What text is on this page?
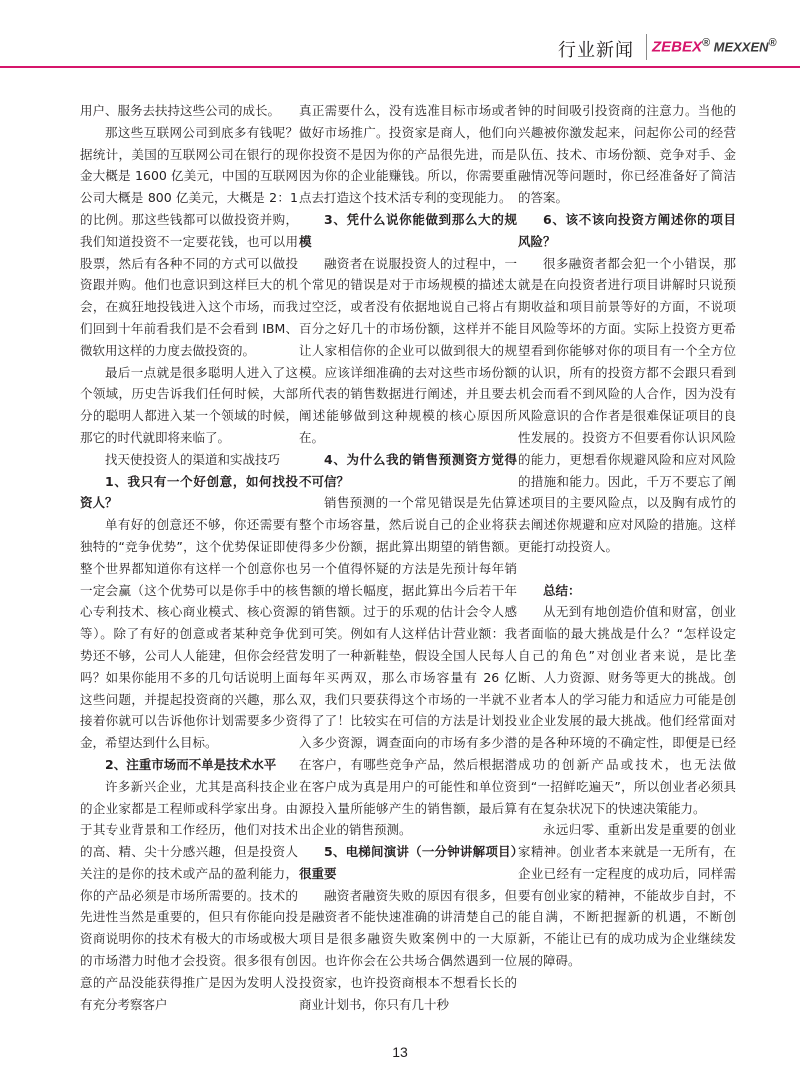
行业新闻 ZEBEX® MEXXEN®

用户、服务去扶持这些公司的成长。

那这些互联网公司到底多有钱呢？据统计，美国的互联网公司在银行的现金大概是 1600 亿美元，中国的互联网公司大概是 800 亿美元，大概是 2：1 的比例。那这些钱都可以做投资并购，我们知道投资不一定要花钱，也可以用股票，然后有各种不同的方式可以做投资跟并购。他们也意识到这样巨大的机会，在疯狂地投钱进入这个市场，而我们回到十年前看我们是不会看到 IBM、微软用这样的力度去做投资的。

最后一点就是很多聪明人进入了这个领域，历史告诉我们任何时候，大部分的聪明人都进入某一个领域的时候，那它的时代就即将来临了。

找天使投资人的渠道和实战技巧

1、我只有一个好创意，如何找投资人？

单有好的创意还不够，你还需要有独特的“竞争优势”，这个优势保证即使整个世界都知道你有这样一个创意你也一定会赢（这个优势可以是你手中的核心专利技术、核心商业模式、核心资源等）。除了有好的创意或者某种竞争优势还不够，公司人人能建，但你会经营吗？如果你能用不多的几句话说明上面这些问题，并提起投资商的兴趣，那么接着你就可以告诉他你计划需要多少资金，希望达到什么目标。

2、注重市场而不单是技术水平

许多新兴企业，尤其是高科技企业的企业家都是工程师或科学家出身。由于其专业背景和工作经历，他们对技术的高、精、尖十分感兴趣，但是投资人关注的是你的技术或产品的盈利能力，你的产品必须是市场所需要的。技术的先进性当然是重要的，但只有你能向投资商说明你的技术有极大的市场或极大的市场潜力时他才会投资。很多很有创意的产品没能获得推广是因为发明人没有充分考察客户

真正需要什么，没有选准目标市场或者做好市场推广。投资家是商人，他们向你投资不是因为你的产品很先进，而是因为你的企业能赚钱。所以，你需要重点去打造这个技术活专利的变现能力。

3、凭什么说你能做到那么大的规模

融资者在说服投资人的过程中，一个常见的错误是对于市场规模的描述太过空泛，或者没有依据地说自己将占有百分之好几十的市场份额，这样并不能让人家相信你的企业可以做到很大的规模。应该详细准确的去对这些市场份额所代表的销售数据进行阐述，并且要去阐述能够做到这种规模的核心原因所在。

4、为什么我的销售预测资方觉得不可信？

销售预测的一个常见错误是先估算整个市场容量，然后说自己的企业将获得多少份额，据此算出期望的销售额。另一个值得怀疑的方法是先预计每年销售额的增长幅度，据此算出今后若干年的销售额。过于的乐观的估计会令人感到可笑。例如有人这样估计营业额：我发明了一种新鞋垫，假设全国人民每人每年买两双，那么市场容量有 26 亿双，我们只要获得这个市场的一半就不得了了！比较实在可信的方法是计划投入多少资源，调查面向的市场有多少潜在客户，有哪些竞争产品，然后根据潜在客户成为真是用户的可能性和单位资源投入量所能够产生的销售额，最后算出企业的销售预测。

5、电梯间演讲（一分钟讲解项目）很重要

融资者融资失败的原因有很多，但是融资者不能快速准确的讲清楚自己的项目是很多融资失败案例中的一大原因。也许你会在公共场合偶然遇到一位投资家，也许投资商根本不想看长长的商业计划书，你只有几十秒

钟的时间吸引投资商的注意力。当他的兴趣被你激发起来，问起你公司的经营队伍、技术、市场份额、竞争对手、金融情况等问题时，你已经准备好了简洁的答案。

6、该不该向投资方阐述你的项目风险？

很多融资者都会犯一个小错误，那就是在向投资者进行项目讲解时只说预期收益和项目前景等好的方面，不说项目风险等坏的方面。实际上投资方更希望看到你能够对你的项目有一个全方位的认识，所有的投资方都不会跟只看到机会而看不到风险的人合作，因为没有风险意识的合作者是很难保证项目的良性发展的。投资方不但要看你认识风险的能力，更想看你规避风险和应对风险的措施和能力。因此，千万不要忘了阐述项目的主要风险点，以及胸有成竹的去阐述你规避和应对风险的措施。这样更能打动投资人。

总结：

从无到有地创造价值和财富，创业者面临的最大挑战是什么？“怎样设定自己的角色”对创业者来说，是比垄断、人力资源、财务等更大的挑战。创业者本人的学习能力和适应力可能是创业企业发展的最大挑战。他们经常面对的是各种环境的不确定性，即便是已经成功的创新产品或技术，也无法做到“一招鲜吃遍天”，所以创业者必须具有在复杂状况下的快速决策能力。

永远归零、重新出发是重要的创业家精神。创业者本来就是一无所有，在企业已经有一定程度的成功后，同样需要有创业家的精神，不能故步自封，不能自满，不断把握新的机遇，不断创新，不能让已有的成功成为企业继续发展的障碍。

13
